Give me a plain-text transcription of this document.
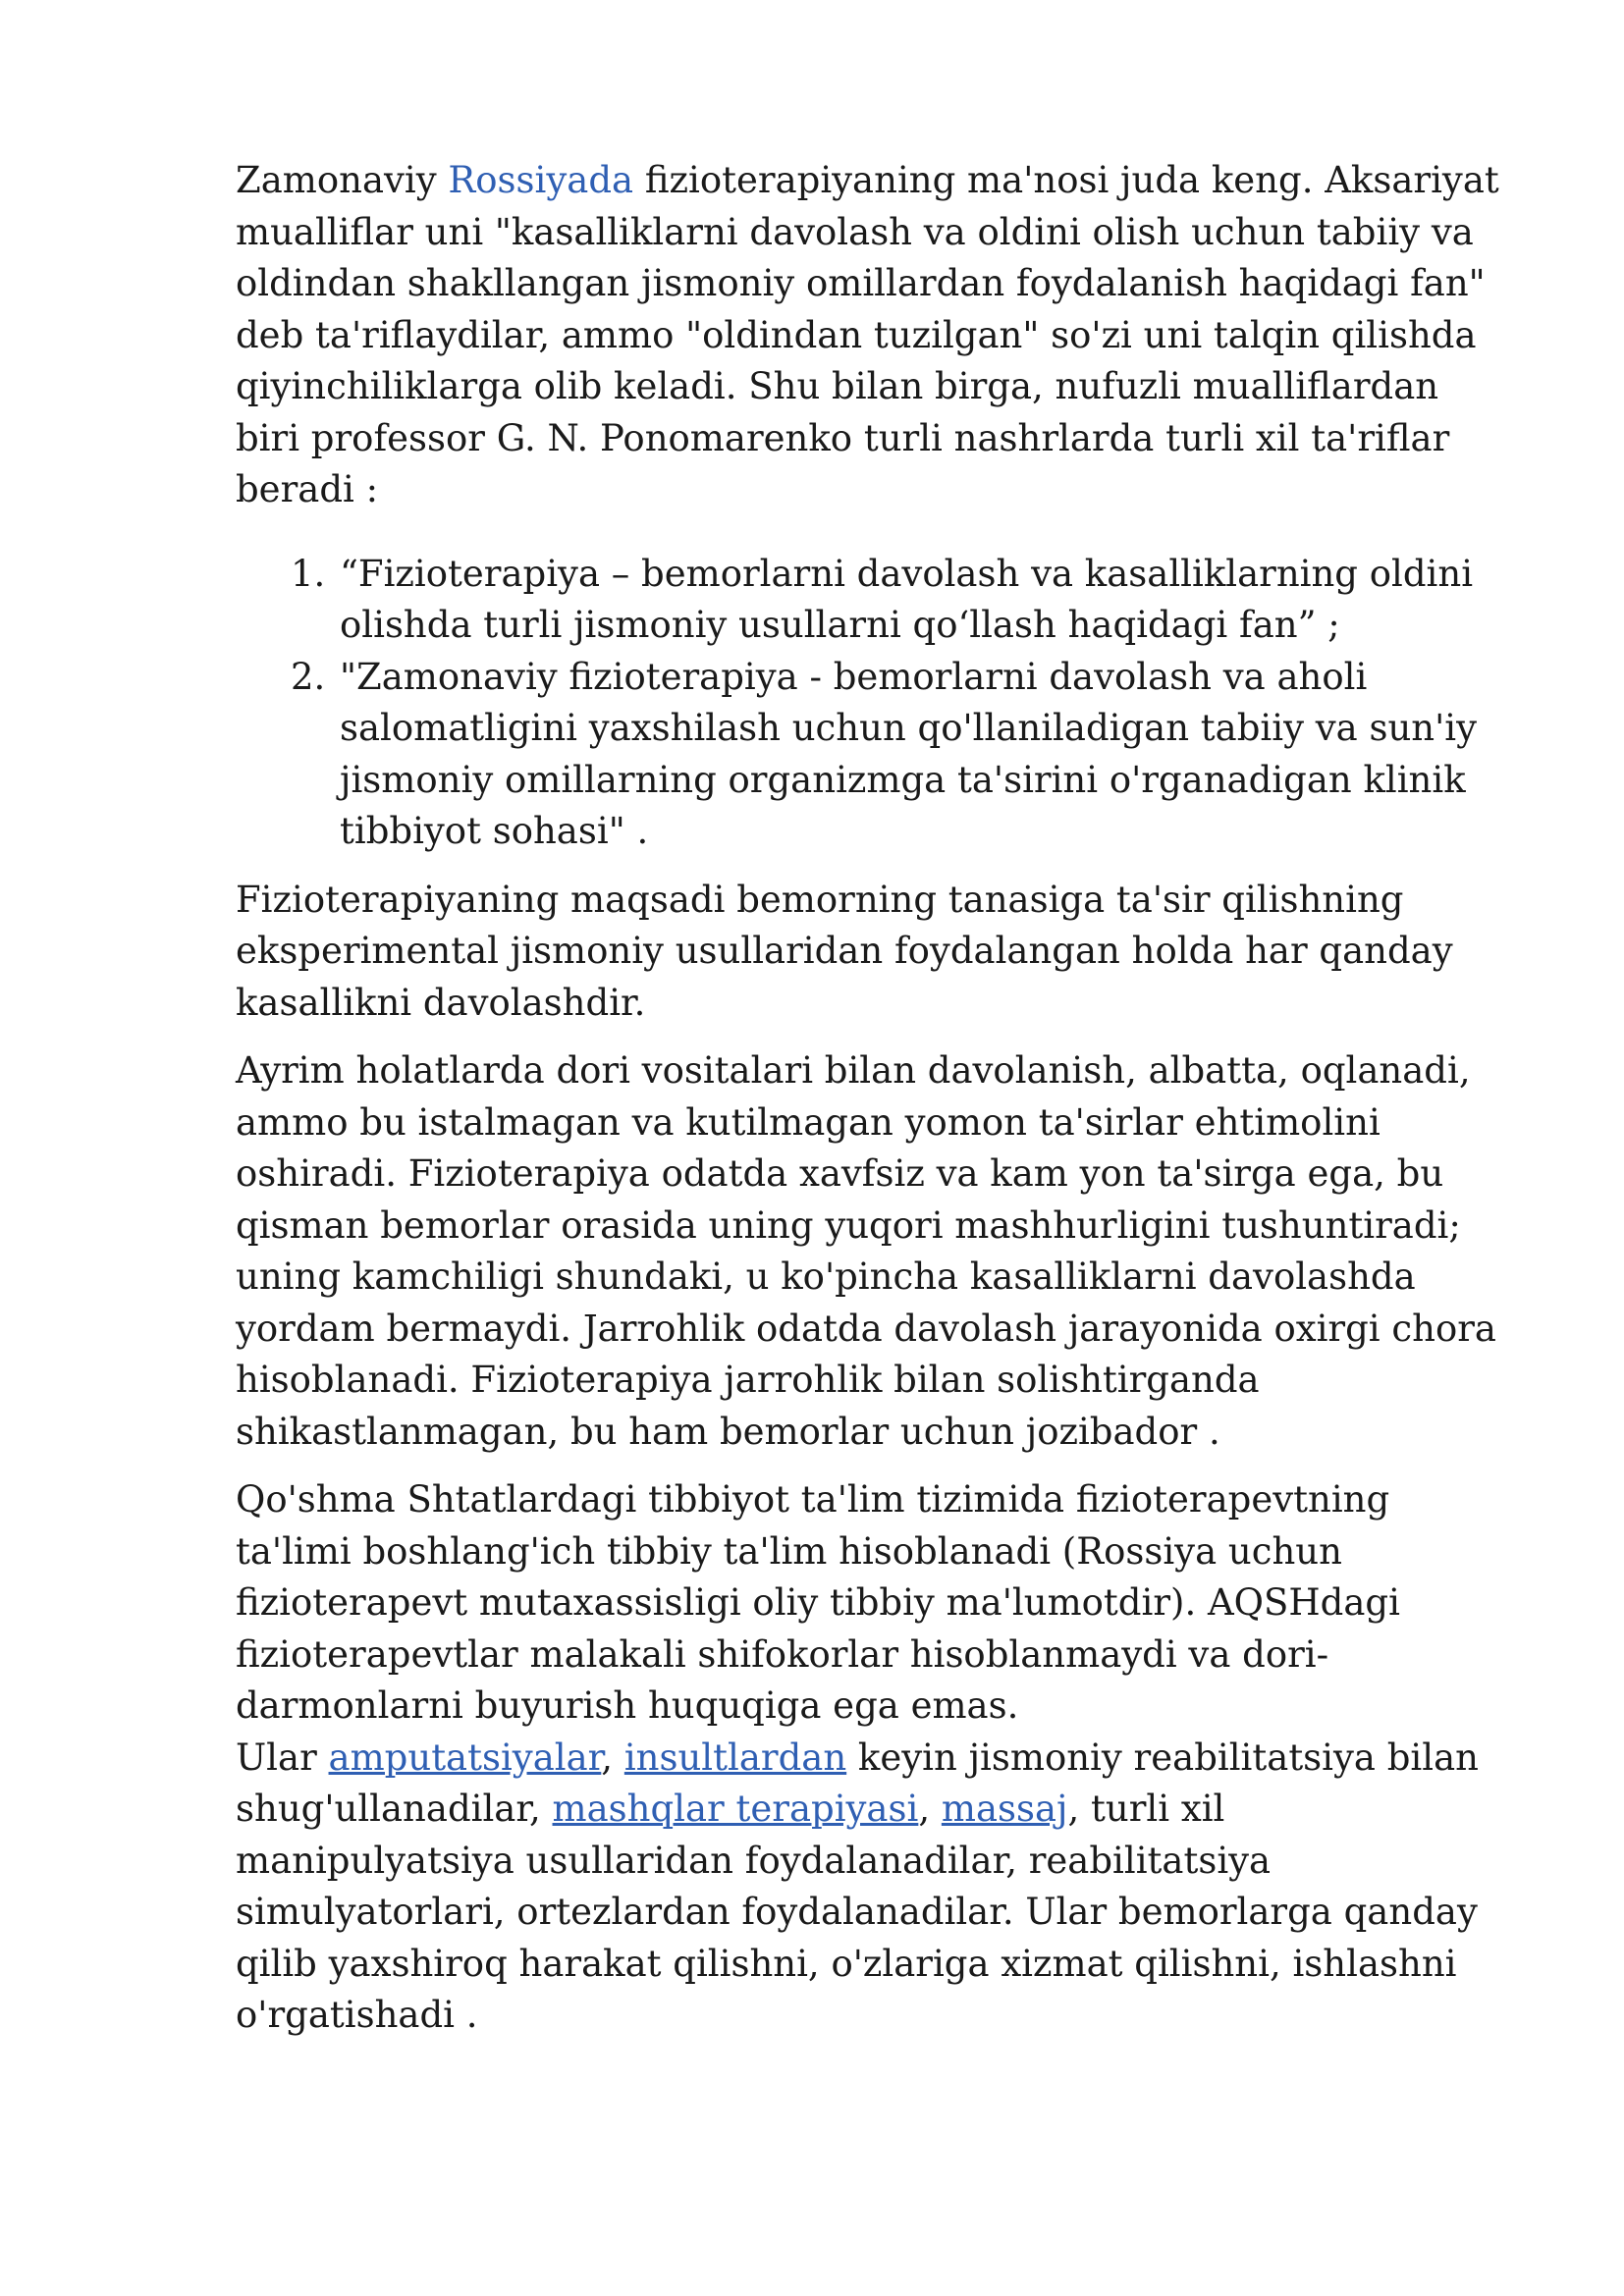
Zamonaviy Rossiyada fizioterapiyaning ma'nosi juda keng. Aksariyat
mualliflar uni "kasalliklarni davolash va oldini olish uchun tabiiy va
oldindan shakllangan jismoniy omillardan foydalanish haqidagi fan"
deb ta'riflaydilar, ammo "oldindan tuzilgan" so'zi uni talqin qilishda
qiyinchiliklarga olib keladi. Shu bilan birga, nufuzli mualliflardan
biri professor G. N. Ponomarenko turli nashrlarda turli xil ta'riflar
beradi :

1. “Fizioterapiya – bemorlarni davolash va kasalliklarning oldini
olishda turli jismoniy usullarni qo‘llash haqidagi fan” ;
2. "Zamonaviy fizioterapiya - bemorlarni davolash va aholi
salomatligini yaxshilash uchun qo'llaniladigan tabiiy va sun'iy
jismoniy omillarning organizmga ta'sirini o'rganadigan klinik
tibbiyot sohasi" .

Fizioterapiyaning maqsadi bemorning tanasiga ta'sir qilishning
eksperimental jismoniy usullaridan foydalangan holda har qanday
kasallikni davolashdir.

Ayrim holatlarda dori vositalari bilan davolanish, albatta, oqlanadi,
ammo bu istalmagan va kutilmagan yomon ta'sirlar ehtimolini
oshiradi. Fizioterapiya odatda xavfsiz va kam yon ta'sirga ega, bu
qisman bemorlar orasida uning yuqori mashhurligini tushuntiradi;
uning kamchiligi shundaki, u ko'pincha kasalliklarni davolashda
yordam bermaydi. Jarrohlik odatda davolash jarayonida oxirgi chora
hisoblanadi. Fizioterapiya jarrohlik bilan solishtirganda
shikastlanmagan, bu ham bemorlar uchun jozibador .

Qo'shma Shtatlardagi tibbiyot ta'lim tizimida fizioterapevtning
ta'limi boshlang'ich tibbiy ta'lim hisoblanadi (Rossiya uchun
fizioterapevt mutaxassisligi oliy tibbiy ma'lumotdir). AQSHdagi
fizioterapevtlar malakali shifokorlar hisoblanmaydi va dori-
darmonlarni buyurish huquqiga ega emas.

Ular amputatsiyalar, insultlardan keyin jismoniy reabilitatsiya bilan
shug'ullanadilar, mashqlar terapiyasi, massaj, turli xil
manipulyatsiya usullaridan foydalanadilar, reabilitatsiya
simulyatorlari, ortezlardan foydalanadilar. Ular bemorlarga qanday
qilib yaxshiroq harakat qilishni, o'zlariga xizmat qilishni, ishlashni
o'rgatishadi .
